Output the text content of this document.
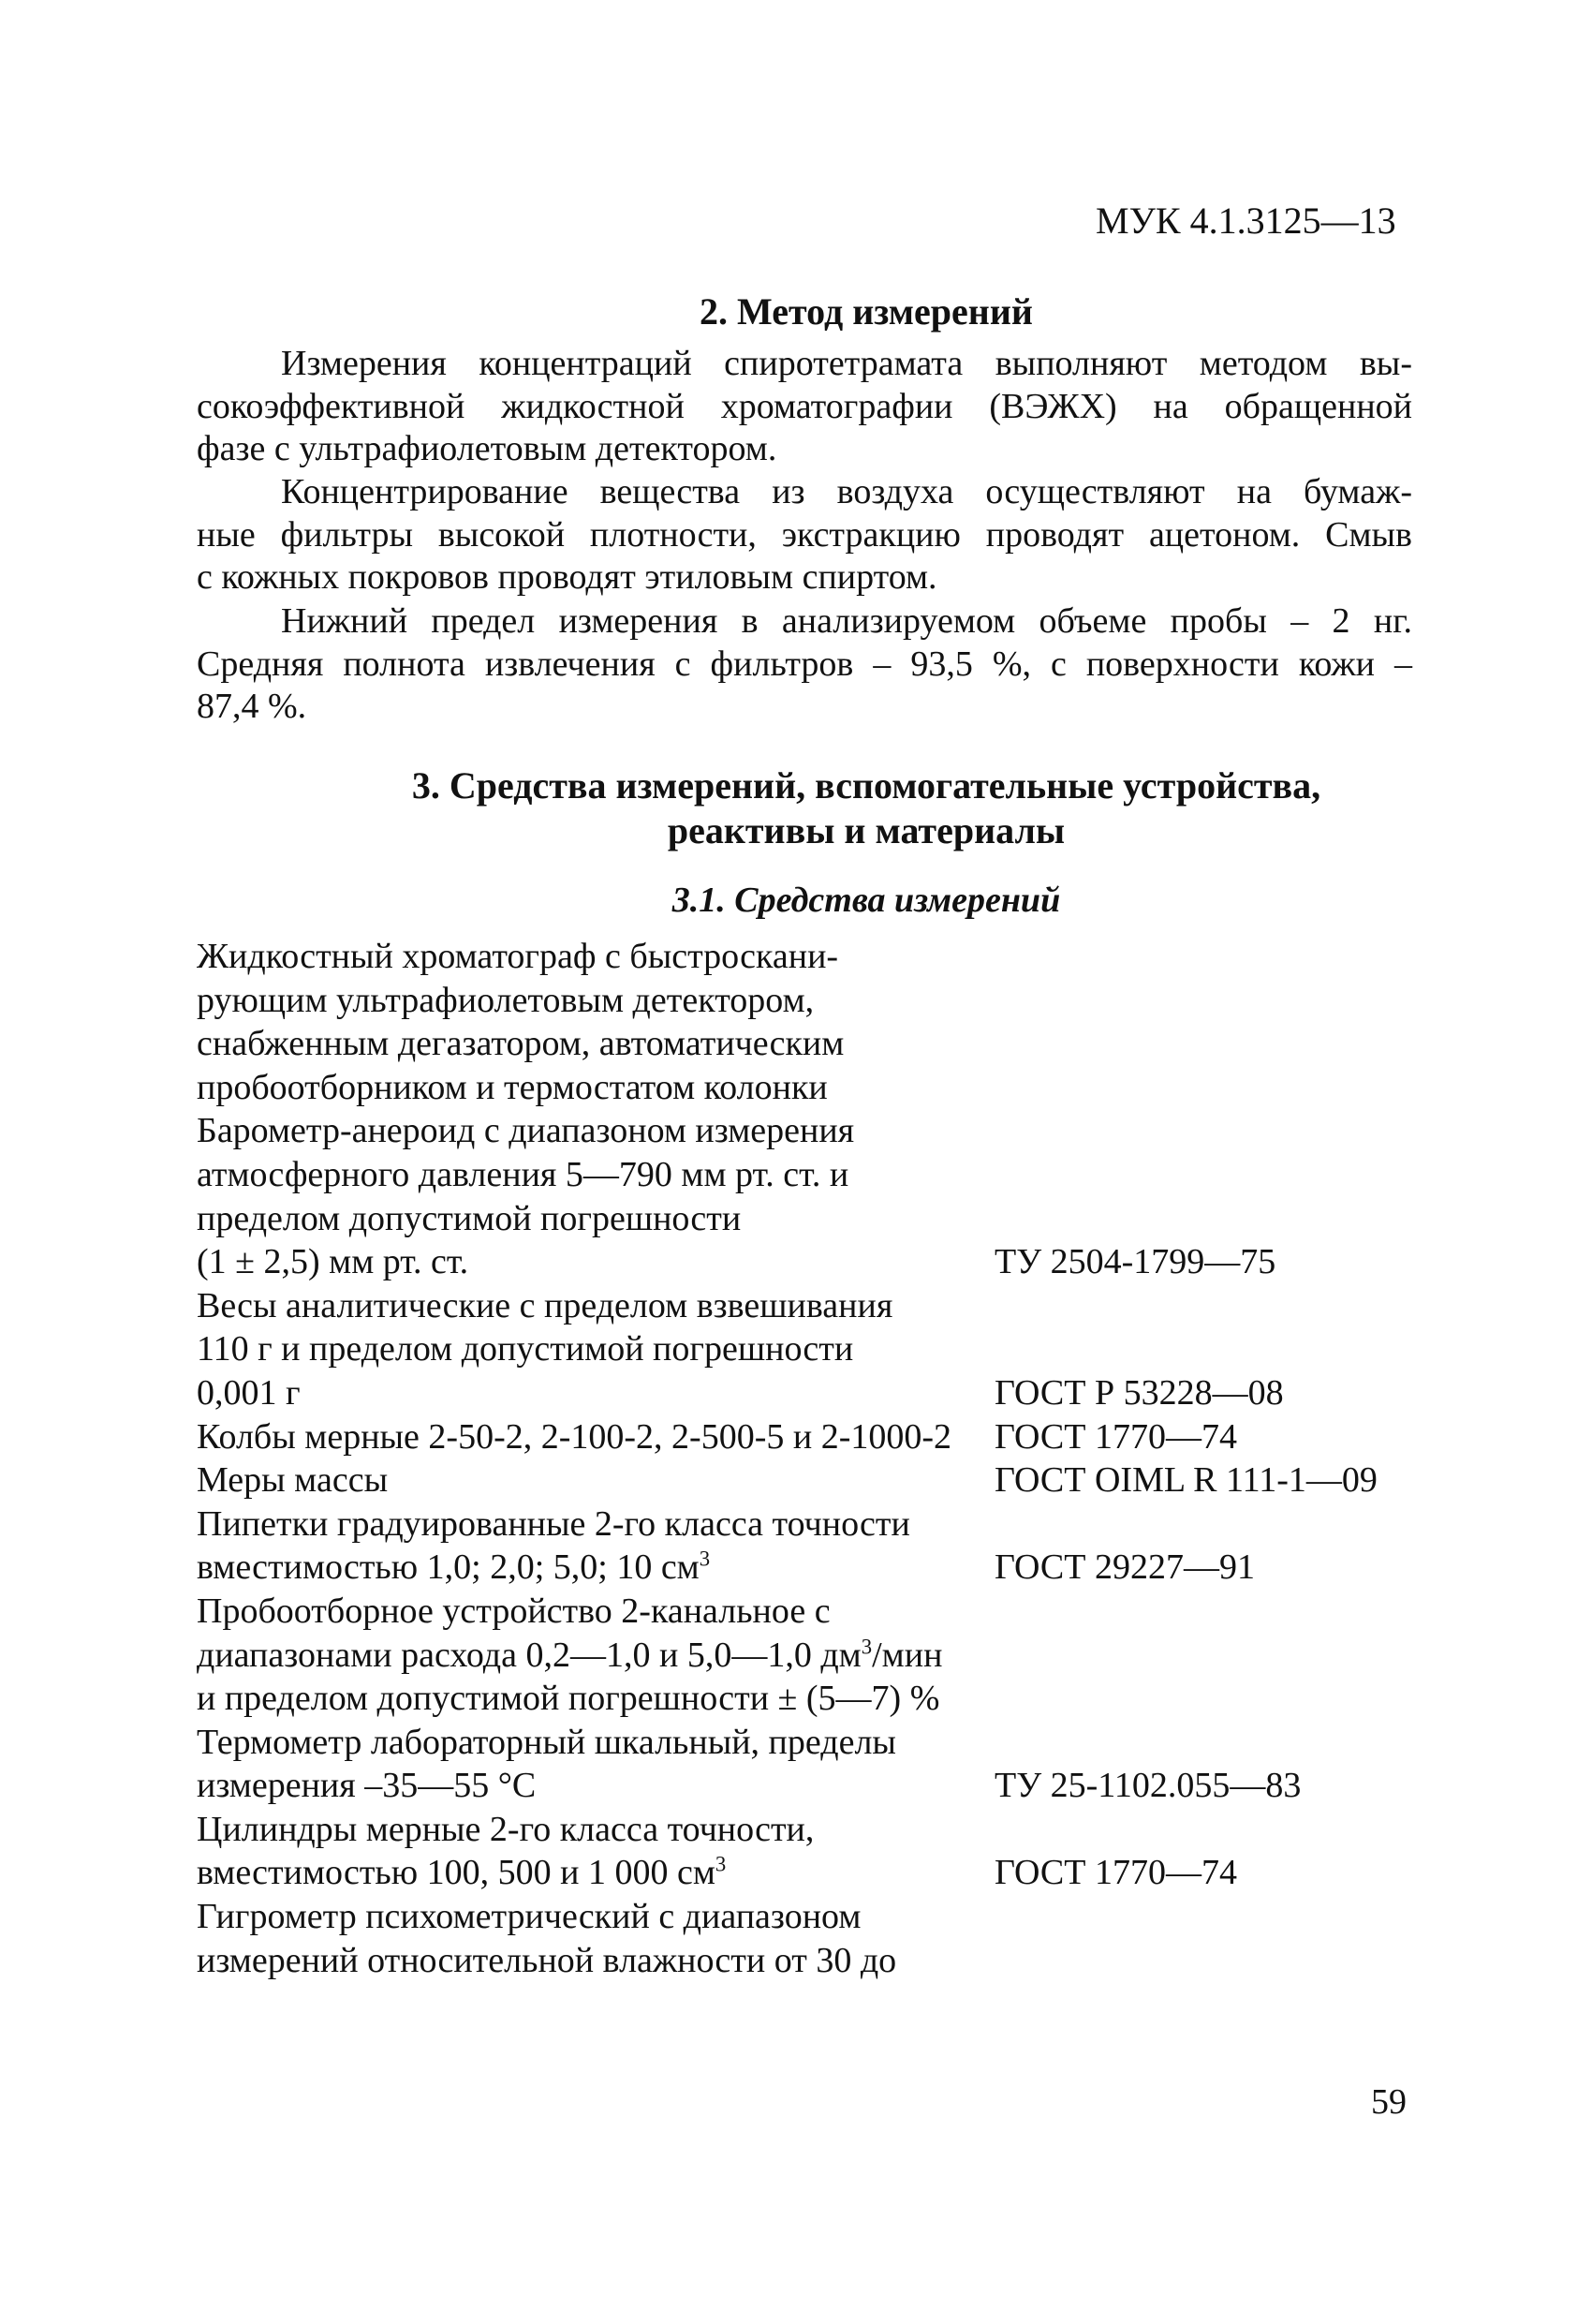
МУК 4.1.3125—13
2. Метод измерений
Измерения концентраций спиротетрамата выполняют методом вы-
сокоэффективной жидкостной хроматографии (ВЭЖХ) на обращенной
фазе с ультрафиолетовым детектором.
Концентрирование вещества из воздуха осуществляют на бумаж-
ные фильтры высокой плотности, экстракцию проводят ацетоном. Смыв
с кожных покровов проводят этиловым спиртом.
Нижний предел измерения в анализируемом объеме пробы – 2 нг.
Средняя полнота извлечения с фильтров – 93,5 %, с поверхности кожи –
87,4 %.
3. Средства измерений, вспомогательные устройства,
реактивы и материалы
3.1. Средства измерений
Жидкостный хроматограф с быстроскани-
рующим ультрафиолетовым детектором,
снабженным дегазатором, автоматическим
пробоотборником и термостатом колонки
Барометр-анероид с диапазоном измерения
атмосферного давления 5—790 мм рт. ст. и
пределом допустимой погрешности
(1 ± 2,5) мм рт. ст.	ТУ 2504-1799—75
Весы аналитические с пределом взвешивания
110 г и пределом допустимой погрешности
0,001 г	ГОСТ Р 53228—08
Колбы мерные 2-50-2, 2-100-2, 2-500-5 и 2-1000-2	ГОСТ 1770—74
Меры массы	ГОСТ OIML R 111-1—09
Пипетки градуированные 2-го класса точности
вместимостью 1,0; 2,0; 5,0; 10 $см^3$	ГОСТ 29227—91
Пробоотборное устройство 2-канальное с
диапазонами расхода 0,2—1,0 и 5,0—1,0 $дм^3$/мин
и пределом допустимой погрешности ± (5—7) %
Термометр лабораторный шкальный, пределы
измерения –35—55 °С	ТУ 25-1102.055—83
Цилиндры мерные 2-го класса точности,
вместимостью 100, 500 и 1 000 $см^3$	ГОСТ 1770—74
Гигрометр психометрический с диапазоном
измерений относительной влажности от 30 до
59
